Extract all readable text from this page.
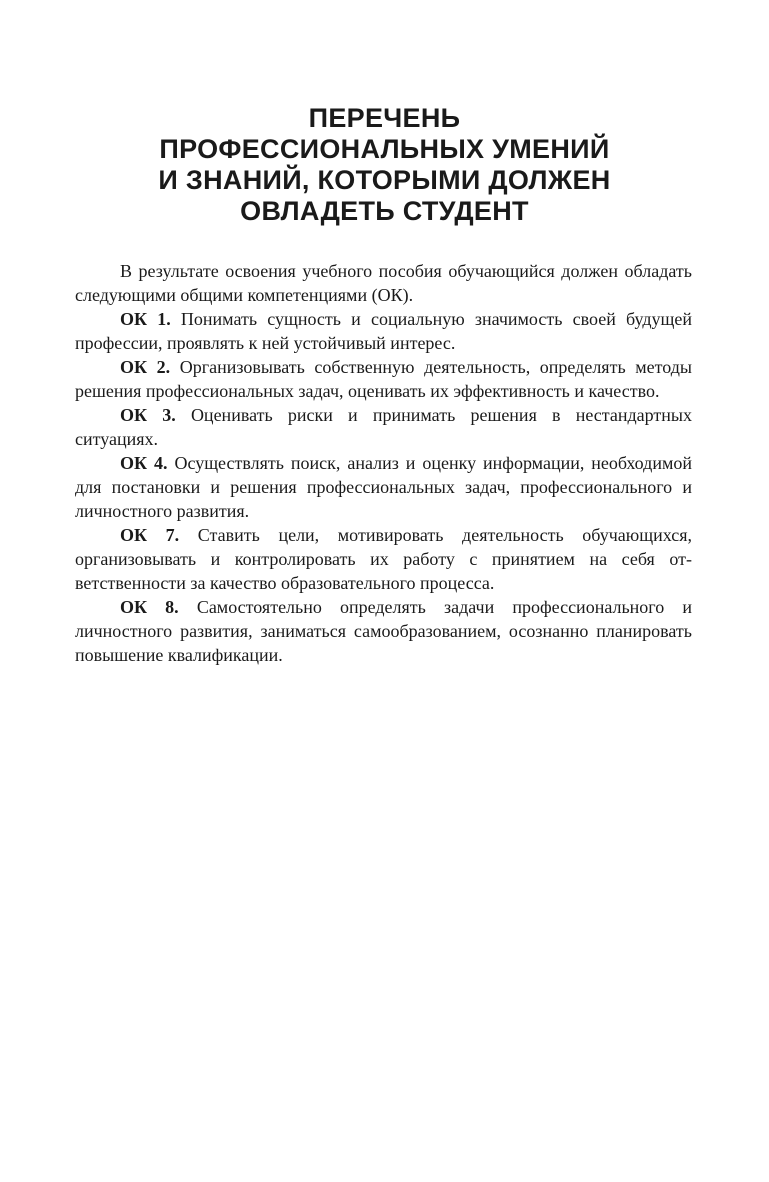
ПЕРЕЧЕНЬ
ПРОФЕССИОНАЛЬНЫХ УМЕНИЙ
И ЗНАНИЙ, КОТОРЫМИ ДОЛЖЕН
ОВЛАДЕТЬ СТУДЕНТ

В результате освоения учебного пособия обучающийся должен обладать следующими общими компетенциями (ОК).

ОК 1. Понимать сущность и социальную значимость своей будущей профессии, проявлять к ней устойчивый интерес.

ОК 2. Организовывать собственную деятельность, определять методы решения профессиональных задач, оценивать их эффективность и качество.

ОК 3. Оценивать риски и принимать решения в нестандартных ситуациях.

ОК 4. Осуществлять поиск, анализ и оценку информации, необходимой для постановки и решения профессиональных задач, профессионального и личностного развития.

ОК 7. Ставить цели, мотивировать деятельность обучающихся, организовывать и контролировать их работу с принятием на себя ответственности за качество образовательного процесса.

ОК 8. Самостоятельно определять задачи профессионального и личностного развития, заниматься самообразованием, осознанно планировать повышение квалификации.
